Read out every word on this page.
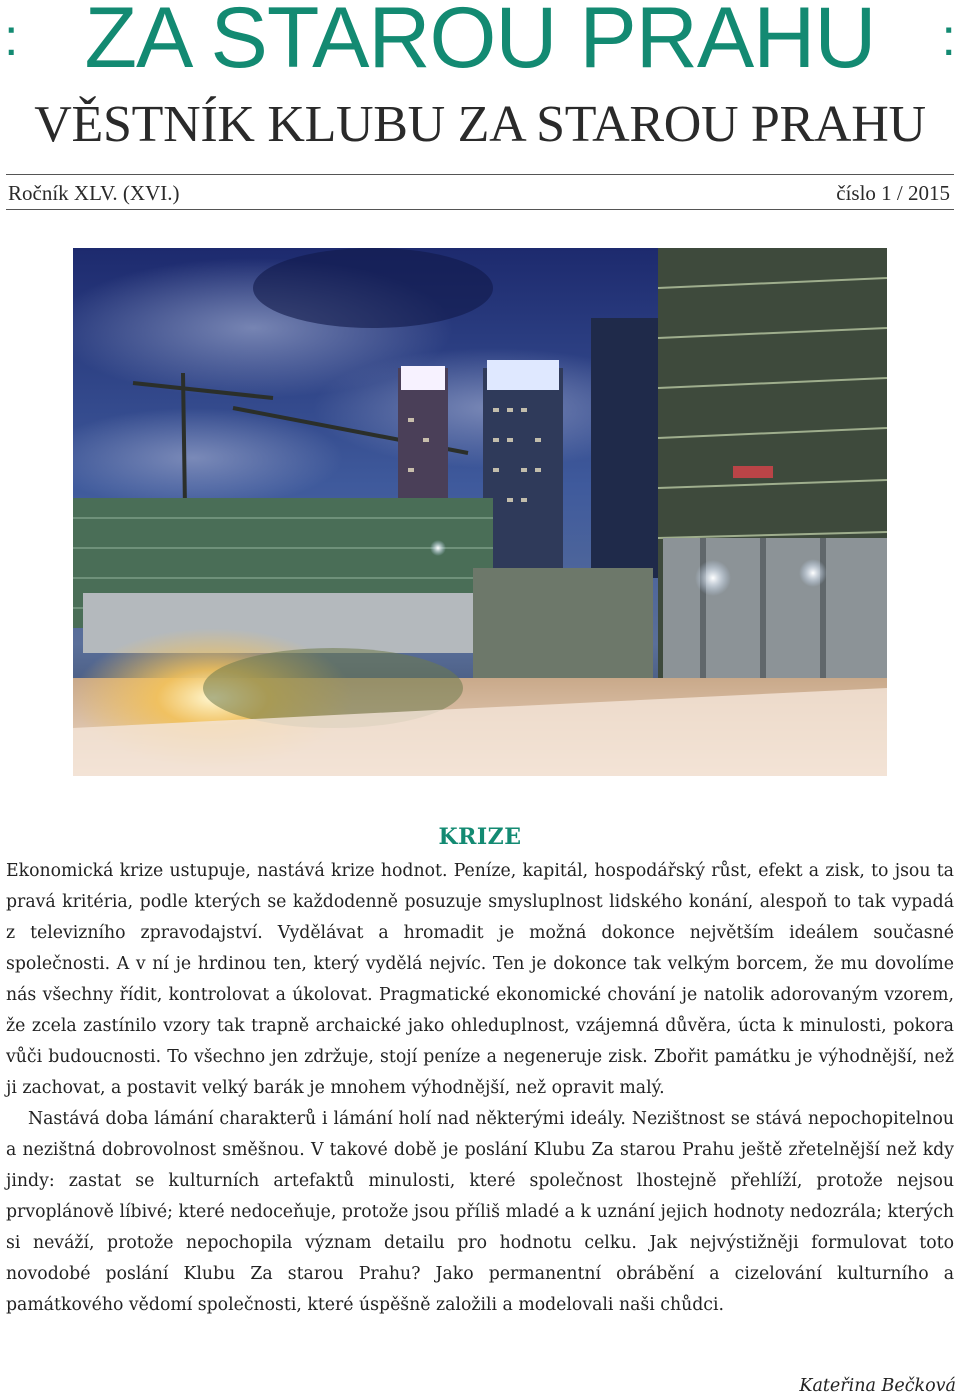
: ZA STAROU PRAHU	:
VĚSTNÍK KLUBU ZA STAROU PRAHU
Ročník XLV. (XVI.)	číslo 1 / 2015
KRIZE

Ekonomická krize ustupuje, nastává krize hodnot. Peníze, kapitál, hospodářský růst, efekt a zisk, to jsou ta pravá kritéria, podle kterých se každodenně posuzuje smysluplnost lidského konání, alespoň to tak vypadá z televizního zpravodajství. Vydělávat a hromadit je možná dokonce největším ideálem současné společnosti. A v ní je hrdinou ten, který vydělá nejvíc. Ten je dokonce tak velkým borcem, že mu dovolíme nás všechny řídit, kontrolovat a úkolovat. Pragmatické ekonomické chování je natolik adorovaným vzorem, že zcela zastínilo vzory tak trapně archaické jako ohleduplnost, vzájemná důvěra, úcta k minulosti, pokora vůči budoucnosti. To všechno jen zdržuje, stojí peníze a negeneruje zisk. Zbořit památku je výhodnější, než ji zachovat, a postavit velký barák je mnohem výhodnější, než opravit malý.

Nastává doba lámání charakterů i lámání holí nad některými ideály. Nezištnost se stává nepochopitelnou a nezištná dobrovolnost směšnou. V takové době je poslání Klubu Za starou Prahu ještě zřetelnější než kdy jindy: zastat se kulturních artefaktů minulosti, které společnost lhostejně přehlíží, protože nejsou prvoplánově líbivé; které nedoceňuje, protože jsou příliš mladé a k uznání jejich hodnoty nedozrála; kterých si neváží, protože nepochopila význam detailu pro hodnotu celku. Jak nejvýstižněji formulovat toto novodobé poslání Klubu Za starou Prahu? Jako permanentní obrábění a cizelování kulturního a památkového vědomí společnosti, které úspěšně založili a modelovali naši chůdci.

Kateřina Bečková
